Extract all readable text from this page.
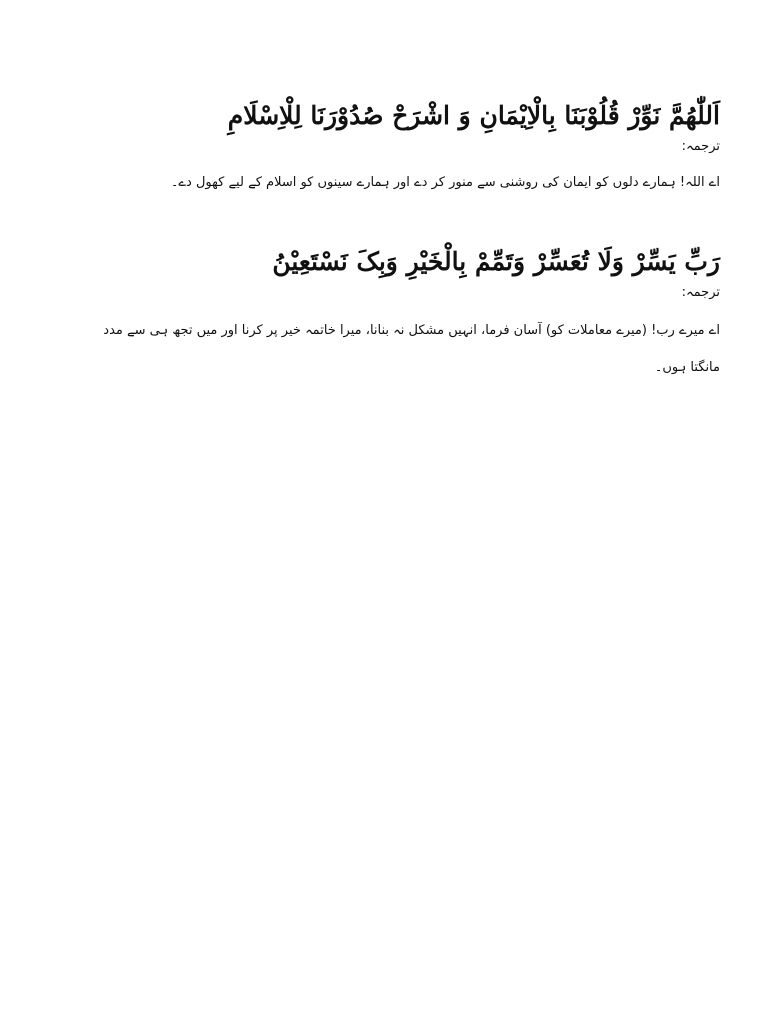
اَللّٰھُمَّ نَوِّرْ قُلُوْبَنَا بِالْاِیْمَانِ وَ اشْرَحْ صُدُوْرَنَا لِلْاِسْلَامِ

ترجمہ:

اے اللہ! ہمارے دلوں کو ایمان کی روشنی سے منور کر دے اور ہمارے سینوں کو اسلام کے لیے کھول دے۔

رَبِّ یَسِّرْ وَلَا تُعَسِّرْ وَتَمِّمْ بِالْخَیْرِ وَبِکَ نَسْتَعِیْنُ

ترجمہ:

اے میرے رب! (میرے معاملات کو) آسان فرما، انہیں مشکل نہ بنانا، میرا خاتمہ خیر پر کرنا اور میں تجھ ہی سے مدد مانگتا ہوں۔
